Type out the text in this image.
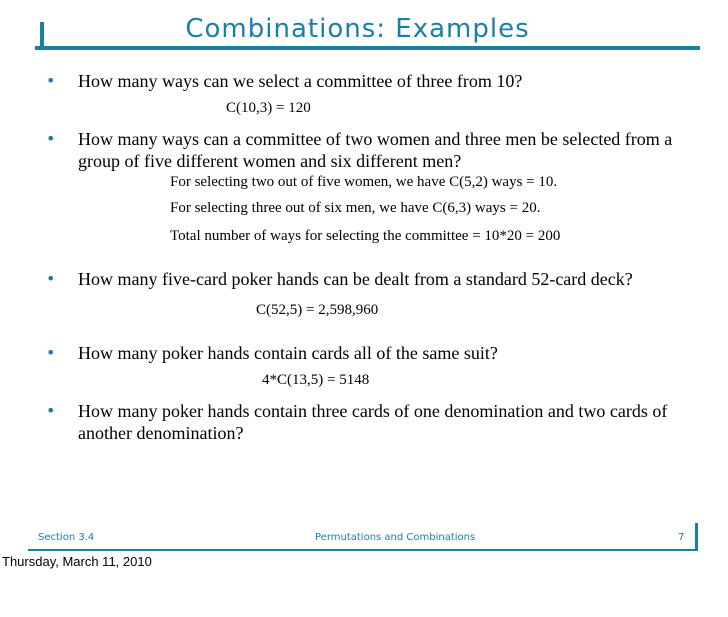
Combinations: Examples
• How many ways can we select a committee of three from 10?
C(10,3) = 120
• How many ways can a committee of two women and three men be selected from a group of five different women and six different men?
For selecting two out of five women, we have C(5,2) ways = 10.
For selecting three out of six men, we have C(6,3) ways = 20.
Total number of ways for selecting the committee = 10*20 = 200
• How many five-card poker hands can be dealt from a standard 52-card deck?
C(52,5) = 2,598,960
• How many poker hands contain cards all of the same suit?
4*C(13,5) = 5148
• How many poker hands contain three cards of one denomination and two cards of another denomination?
Section 3.4	Permutations and Combinations	7
Thursday, March 11, 2010
